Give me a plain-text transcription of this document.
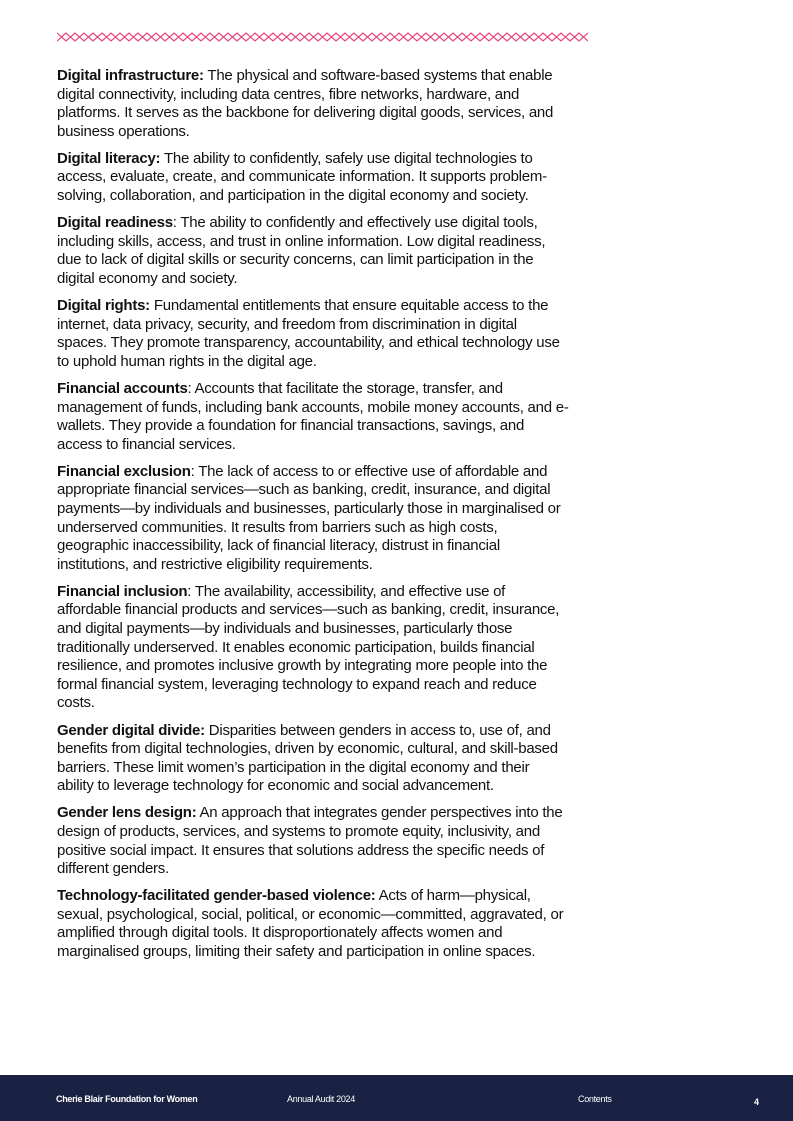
Digital infrastructure: The physical and software-based systems that enable digital connectivity, including data centres, fibre networks, hardware, and platforms. It serves as the backbone for delivering digital goods, services, and business operations.

Digital literacy: The ability to confidently, safely use digital technologies to access, evaluate, create, and communicate information. It supports problem-solving, collaboration, and participation in the digital economy and society.

Digital readiness: The ability to confidently and effectively use digital tools, including skills, access, and trust in online information. Low digital readiness, due to lack of digital skills or security concerns, can limit participation in the digital economy and society.

Digital rights: Fundamental entitlements that ensure equitable access to the internet, data privacy, security, and freedom from discrimination in digital spaces. They promote transparency, accountability, and ethical technology use to uphold human rights in the digital age.

Financial accounts: Accounts that facilitate the storage, transfer, and management of funds, including bank accounts, mobile money accounts, and e-wallets. They provide a foundation for financial transactions, savings, and access to financial services.

Financial exclusion: The lack of access to or effective use of affordable and appropriate financial services—such as banking, credit, insurance, and digital payments—by individuals and businesses, particularly those in marginalised or underserved communities. It results from barriers such as high costs, geographic inaccessibility, lack of financial literacy, distrust in financial institutions, and restrictive eligibility requirements.

Financial inclusion: The availability, accessibility, and effective use of affordable financial products and services—such as banking, credit, insurance, and digital payments—by individuals and businesses, particularly those traditionally underserved. It enables economic participation, builds financial resilience, and promotes inclusive growth by integrating more people into the formal financial system, leveraging technology to expand reach and reduce costs.

Gender digital divide: Disparities between genders in access to, use of, and benefits from digital technologies, driven by economic, cultural, and skill-based barriers. These limit women’s participation in the digital economy and their ability to leverage technology for economic and social advancement.

Gender lens design: An approach that integrates gender perspectives into the design of products, services, and systems to promote equity, inclusivity, and positive social impact. It ensures that solutions address the specific needs of different genders.

Technology-facilitated gender-based violence: Acts of harm—physical, sexual, psychological, social, political, or economic—committed, aggravated, or amplified through digital tools. It disproportionately affects women and marginalised groups, limiting their safety and participation in online spaces.

Cherie Blair Foundation for Women	Annual Audit 2024	Contents	4
